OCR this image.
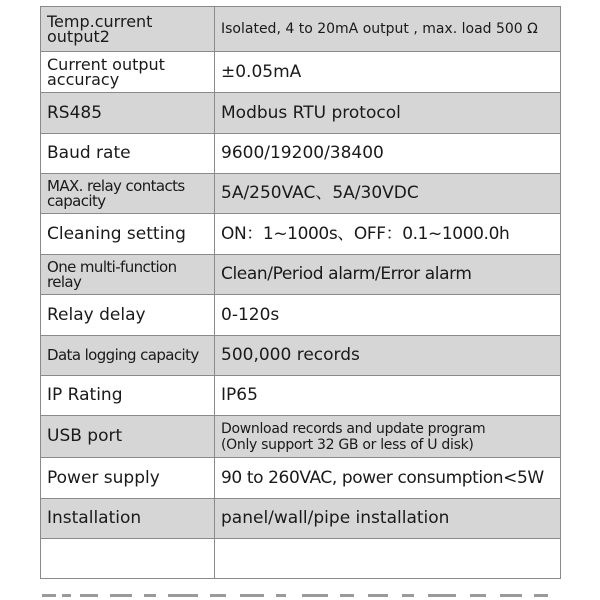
Temp.current
output2	Isolated, 4 to 20mA output , max. load 500 Ω

Current output
accuracy	±0.05mA

RS485	Modbus RTU protocol

Baud rate	9600/19200/38400

MAX. relay contacts
capacity	5A/250VAC、5A/30VDC

Cleaning setting	ON：1~1000s、OFF：0.1~1000.0h

One multi-function
relay	Clean/Period alarm/Error alarm

Relay delay	0-120s

Data logging capacity	500,000 records

IP Rating	IP65

USB port	Download records and update program
(Only support 32 GB or less of U disk)

Power supply	90 to 260VAC, power consumption<5W

Installation	panel/wall/pipe installation
